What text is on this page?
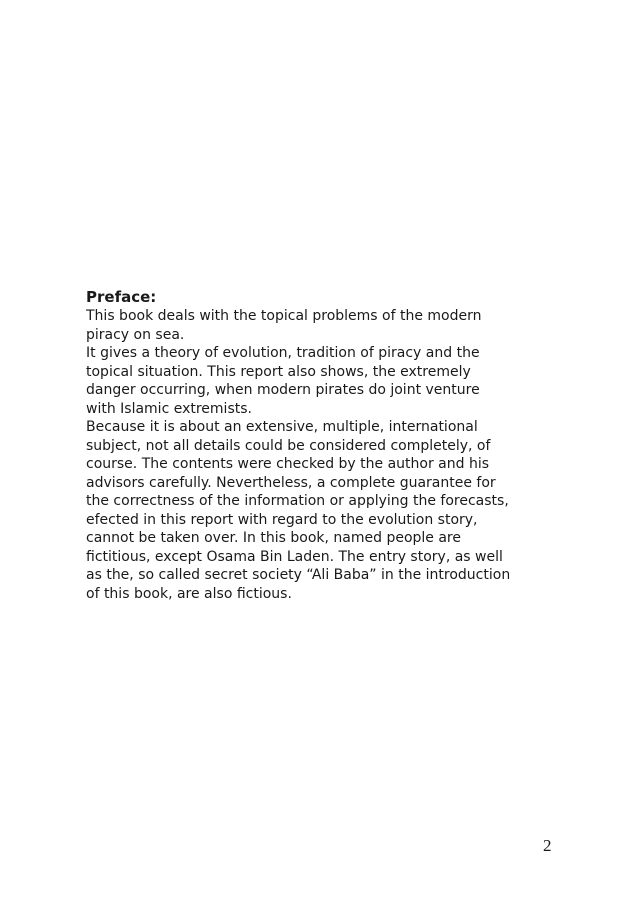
Preface:
This book deals with the topical problems of the modern
piracy on sea.
It gives a theory of evolution, tradition of piracy and the
topical situation. This report also shows, the extremely
danger occurring, when modern pirates do joint venture
with Islamic extremists.
Because it is about an extensive, multiple, international
subject, not all details could be considered completely, of
course. The contents were checked by the author and his
advisors carefully. Nevertheless, a complete guarantee for
the correctness of the information or applying the forecasts,
efected in this report with regard to the evolution story,
cannot be taken over. In this book, named people are
fictitious, except Osama Bin Laden. The entry story, as well
as the, so called secret society “Ali Baba” in the introduction
of this book, are also fictious.
2
